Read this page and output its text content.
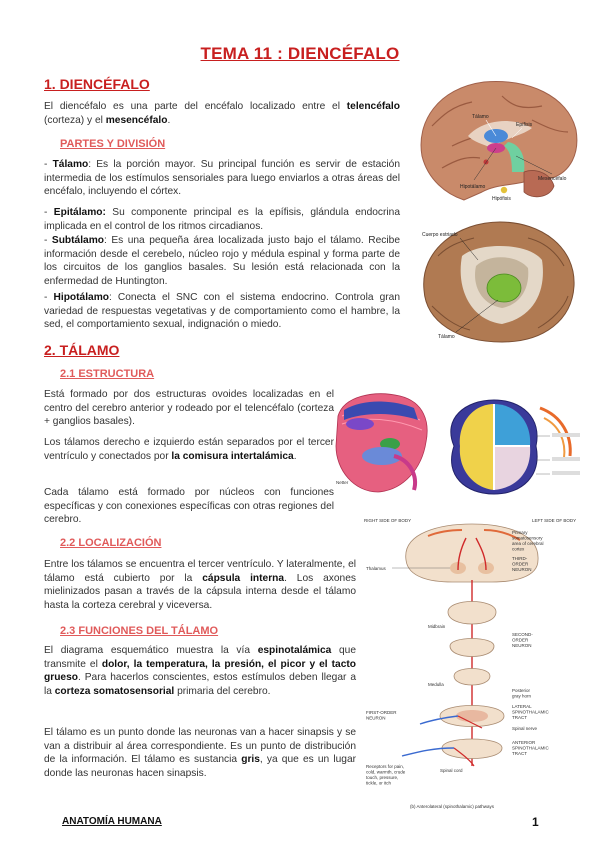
TEMA 11 : DIENCÉFALO
1. DIENCÉFALO
El diencéfalo es una parte del encéfalo localizado entre el telencéfalo (corteza) y el mesencéfalo.
PARTES Y DIVISIÓN
- Tálamo: Es la porción mayor. Su principal función es servir de estación intermedia de los estímulos sensoriales para luego enviarlos a otras áreas del encéfalo, incluyendo el córtex.
- Epitálamo: Su componente principal es la epífisis, glándula endocrina implicada en el control de los ritmos circadianos.
- Subtálamo: Es una pequeña área localizada justo bajo el tálamo. Recibe información desde el cerebelo, núcleo rojo y médula espinal y forma parte de los circuitos de los ganglios basales. Su lesión está relacionada con la enfermedad de Huntington.
- Hipotálamo: Conecta el SNC con el sistema endocrino. Controla gran variedad de respuestas vegetativas y de comportamiento como el hambre, la sed, el comportamiento sexual, indignación o miedo.
2. TÁLAMO
2.1 ESTRUCTURA
Está formado por dos estructuras ovoides localizadas en el centro del cerebro anterior y rodeado por el telencéfalo (corteza + ganglios basales).
Los tálamos derecho e izquierdo están separados por el tercer ventrículo y conectados por la comisura intertalámica.
Cada tálamo está formado por núcleos con funciones específicas y con conexiones específicas con otras regiones del cerebro.
2.2 LOCALIZACIÓN
Entre los tálamos se encuentra el tercer ventrículo. Y lateralmente, el tálamo está cubierto por la cápsula interna. Los axones mielinizados pasan a través de la cápsula interna desde el tálamo hasta la corteza cerebral y viceversa.
2.3 FUNCIONES DEL TÁLAMO
El diagrama esquemático muestra la vía espinotalámica que transmite el dolor, la temperatura, la presión, el picor y el tacto grueso. Para hacerlos conscientes, estos estímulos deben llegar a la corteza somatosensorial primaria del cerebro.
El tálamo es un punto donde las neuronas van a hacer sinapsis y se van a distribuir al área correspondiente. Es un punto de distribución de la información. El tálamo es sustancia gris, ya que es un lugar donde las neuronas hacen sinapsis.
Tálamo
Hipotálamo
Mesencéfalo
Epífisis
Hipófisis
Cuerpo estriado
Tálamo
Netter
RIGHT SIDE OF BODY	LEFT SIDE OF BODY
Primary somatosensory area of cerebral cortex
Thalamus
THIRD-ORDER NEURON
Midbrain
SECOND-ORDER NEURON
Medulla
Posterior gray horn
LATERAL SPINOTHALAMIC TRACT
Spinal nerve
ANTERIOR SPINOTHALAMIC TRACT
FIRST-ORDER NEURON
Receptors for pain, cold, warmth, crude touch, pressure, tickle, or itch
Spinal cord
(b) Anterolateral (spinothalamic) pathways
ANATOMÍA HUMANA	1
